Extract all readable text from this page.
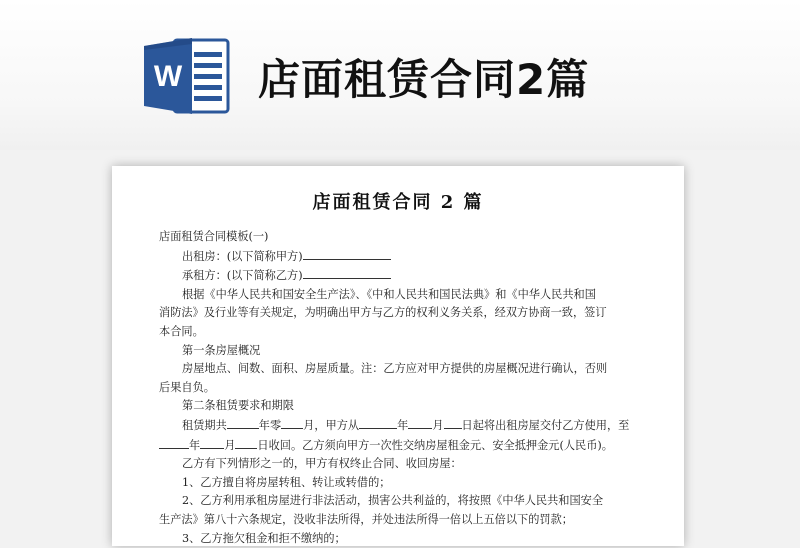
W 店面租赁合同2篇
店面租赁合同 2 篇

店面租赁合同模板(一)

出租房：(以下简称甲方)

承租方：(以下简称乙方)

根据《中华人民共和国安全生产法》、《中和人民共和国民法典》和《中华人民共和国

消防法》及行业等有关规定，为明确出甲方与乙方的权利义务关系，经双方协商一致，签订

本合同。

第一条房屋概况

房屋地点、间数、面积、房屋质量。注：乙方应对甲方提供的房屋概况进行确认，否则

后果自负。

第二条租赁要求和期限

租赁期共	年零 月，甲方从	年 月 日起将出租房屋交付乙方使用，至

年 月 日收回。乙方须向甲方一次性交纳房屋租金元、安全抵押金元(人民币)。

乙方有下列情形之一的，甲方有权终止合同、收回房屋：

1、乙方擅自将房屋转租、转让或转借的；

2、乙方利用承租房屋进行非法活动，损害公共利益的，将按照《中华人民共和国安全

生产法》第八十六条规定，没收非法所得，并处违法所得一倍以上五倍以下的罚款；

3、乙方拖欠租金和拒不缴纳的；
